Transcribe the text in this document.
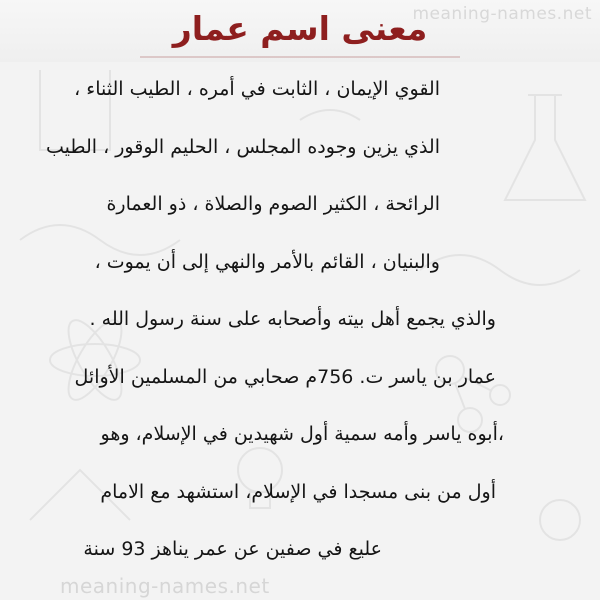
meaning-names.net
معنى اسم عمار
القوي الإيمان ، الثابت في أمره ، الطيب الثناء ،
الذي يزين وجوده المجلس ، الحليم الوقور ، الطيب
الرائحة ، الكثير الصوم والصلاة ، ذو العمارة
والبنيان ، القائم بالأمر والنهي إلى أن يموت ،
والذي يجمع أهل بيته وأصحابه على سنة رسول الله .
عمار بن ياسر ت. 756م صحابي من المسلمين الأوائل
،أبوه ياسر وأمه سمية أول شهيدين في الإسلام، وهو
أول من بنى مسجدا في الإسلام، استشهد مع الامام
عليع في صفين عن عمر يناهز 93 سنة
meaning-names.net
